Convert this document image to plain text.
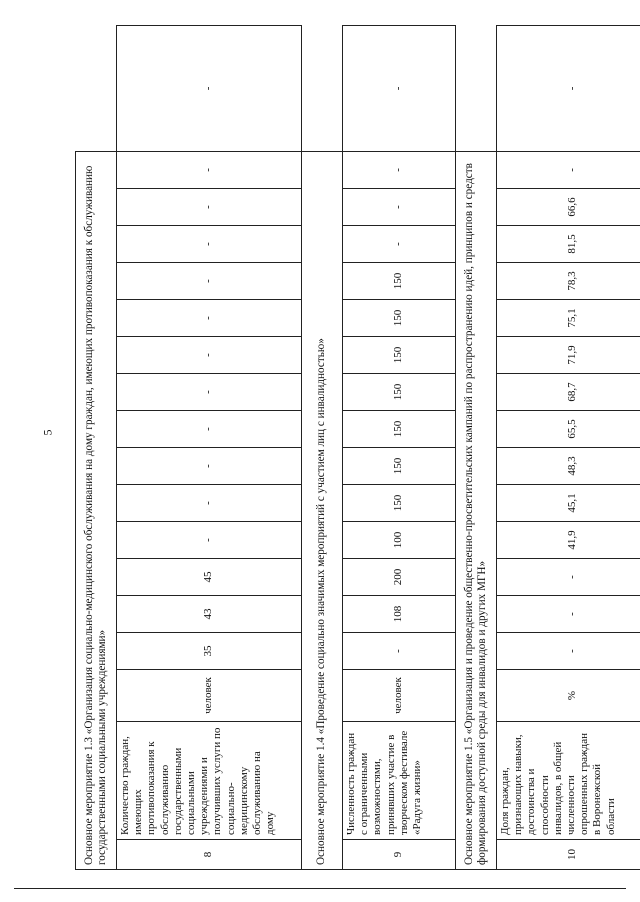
5	Основное мероприятие 1.3 «Организация социально-медицинского обслуживания на дому граждан, имеющих противопоказания к обслуживанию государственными социальными учреждениями»																	
8	Количество граждан, имеющих противопоказания к обслуживанию государственными социальными учреждениями и получивших услуги по социально-медицинскому обслуживанию на дому	человек	35	43	45	-	-	-	-	-	-	-	-	-	-	-	-
Основное мероприятие 1.4 «Проведение социально значимых мероприятий с участием лиц с инвалидностью»																	
9	Численность граждан с ограниченными возможностями, принявших участие в творческом фестивале «Радуга жизни»	человек	-	108	200	100	150	150	150	150	150	150	150	-	-	-	-
Основное мероприятие 1.5 «Организация и проведение общественно-просветительских кампаний по распространению идей, принципов и средств формирования доступной среды для инвалидов и других МГН»																	
10	Доля граждан, признающих навыки, достоинства и способности инвалидов, в общей численности опрошенных граждан в Воронежской области	%	-	-	-	41,9	45,1	48,3	65,5	68,7	71,9	75,1	78,3	81,5	66,6	-	-
